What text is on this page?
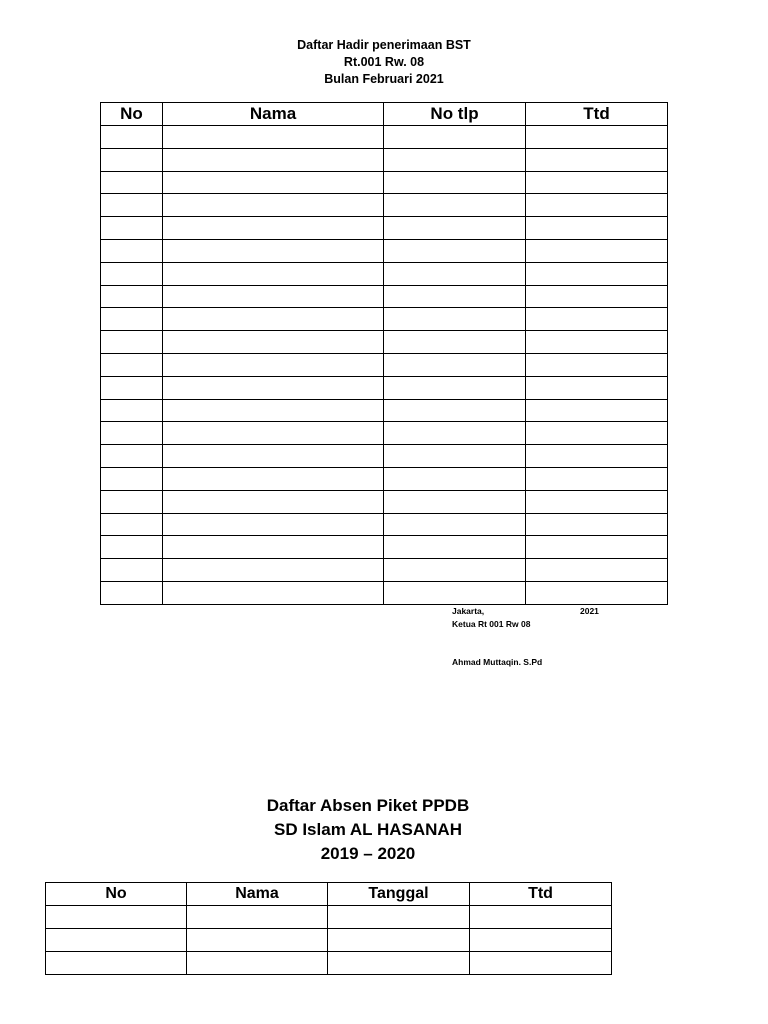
Daftar Hadir penerimaan BST
Rt.001 Rw. 08
Bulan Februari 2021
No	Nama	No tlp	Ttd

Jakarta,	2021
Ketua Rt 001 Rw 08
Ahmad Muttaqin. S.Pd
Daftar Absen Piket PPDB
SD Islam AL HASANAH
2019 – 2020
No	Nama	Tanggal	Ttd
